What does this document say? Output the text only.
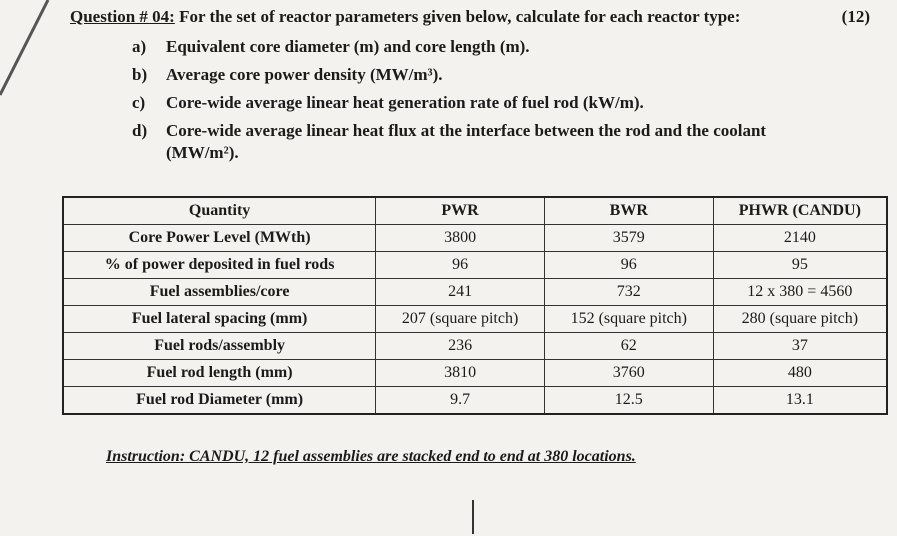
Question # 04: For the set of reactor parameters given below, calculate for each reactor type:	(12)
a) Equivalent core diameter (m) and core length (m).
b) Average core power density (MW/m³).
c) Core-wide average linear heat generation rate of fuel rod (kW/m).
d) Core-wide average linear heat flux at the interface between the rod and the coolant
(MW/m²).
Quantity	PWR	BWR	PHWR (CANDU)
Core Power Level (MWth)	3800	3579	2140
% of power deposited in fuel rods	96	96	95
Fuel assemblies/core	241	732	12 x 380 = 4560
Fuel lateral spacing (mm)	207 (square pitch)	152 (square pitch)	280 (square pitch)
Fuel rods/assembly	236	62	37
Fuel rod length (mm)	3810	3760	480
Fuel rod Diameter (mm)	9.7	12.5	13.1
Instruction: CANDU, 12 fuel assemblies are stacked end to end at 380 locations.
